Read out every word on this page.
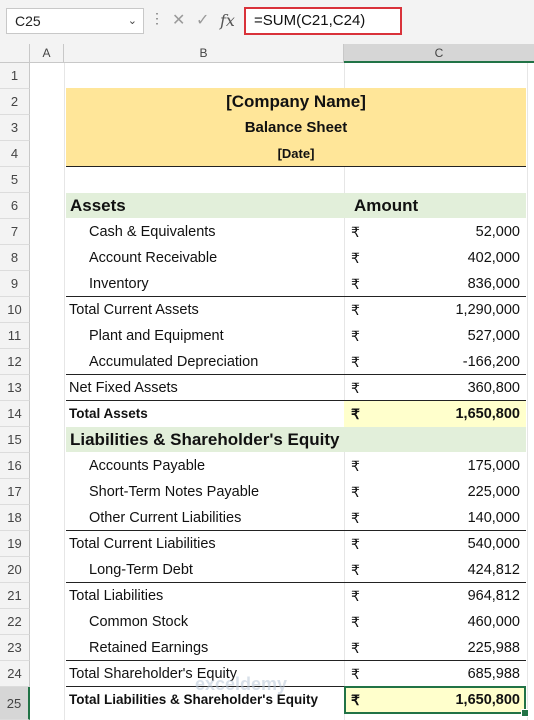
C25	⌄ ⋮ ✕ ✓ fx	=SUM(C21,C24)
A	B	C
1
2
3
4
5
6
7
8
9
10
11
12
13
14
15
16
17
18
19
20
21
22
23
24
25
[Company Name]
Balance Sheet
[Date]
Assets	Amount
Liabilities & Shareholder's Equity
Cash & Equivalents	₹	52,000
Account Receivable	₹	402,000
Inventory	₹	836,000
Total Current Assets	₹	1,290,000
Plant and Equipment	₹	527,000
Accumulated Depreciation	₹	-166,200
Net Fixed Assets	₹	360,800
Total Assets	₹	1,650,800
Accounts Payable	₹	175,000
Short-Term Notes Payable	₹	225,000
Other Current Liabilities	₹	140,000
Total Current Liabilities	₹	540,000
Long-Term Debt	₹	424,812
Total Liabilities	₹	964,812
Common Stock	₹	460,000
Retained Earnings	₹	225,988
Total Shareholder's Equity	₹	685,988
Total Liabilities & Shareholder's Equity ₹	1,650,800
exceldemy
